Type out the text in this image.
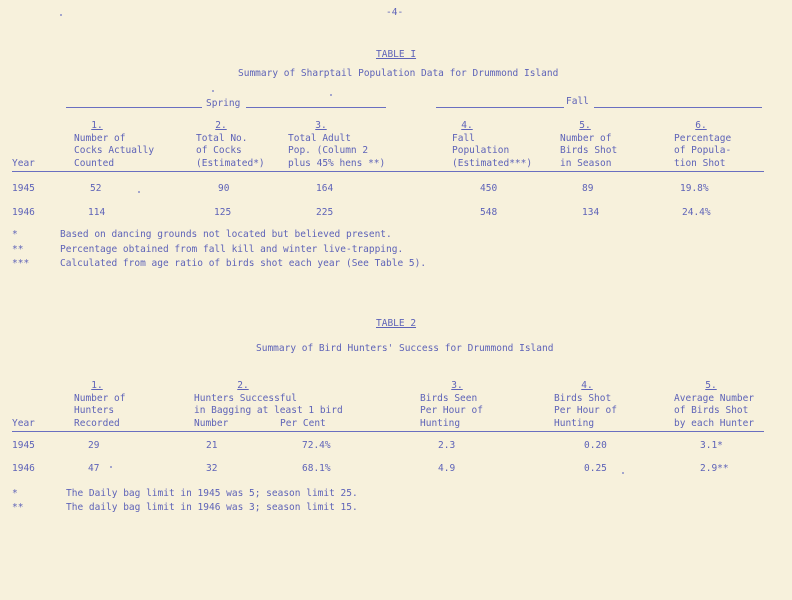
-4-
TABLE I
Summary of Sharptail Population Data for Drummond Island
Spring	Fall
1.
Number of
Cocks Actually
Counted
2.
Total No.
of Cocks
(Estimated*)
3.
Total Adult
Pop. (Column 2
plus 45% hens **)
4.
Fall
Population
(Estimated***)
5.
Number of
Birds Shot
in Season
6.
Percentage
of Popula-
tion Shot
Year
1945	52	90	164	450	89	19.8%
1946	114	125	225	548	134	24.4%
*	Based on dancing grounds not located but believed present.
**	Percentage obtained from fall kill and winter live-trapping.
***	Calculated from age ratio of birds shot each year (See Table 5).
TABLE 2
Summary of Bird Hunters' Success for Drummond Island
1.
Number of
Hunters
Recorded
2.
Hunters Successful
in Bagging at least 1 bird
Number	Per Cent
3.
Birds Seen
Per Hour of
Hunting
4.
Birds Shot
Per Hour of
Hunting
5.
Average Number
of Birds Shot
by each Hunter
Year
1945	29	21	72.4%	2.3	0.20	3.1*
1946	47	32	68.1%	4.9	0.25	2.9**
*	The Daily bag limit in 1945 was 5; season limit 25.
**	The daily bag limit in 1946 was 3; season limit 15.
